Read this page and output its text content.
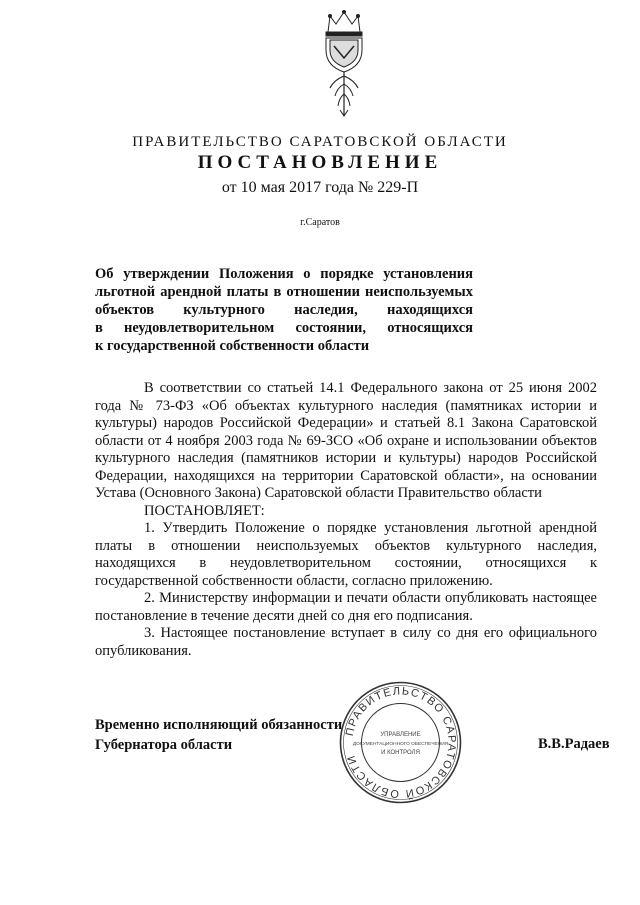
ПРАВИТЕЛЬСТВО САРАТОВСКОЙ ОБЛАСТИ
ПОСТАНОВЛЕНИЕ
от 10 мая 2017 года № 229-П
г.Саратов
Об утверждении Положения о порядке установления
льготной арендной платы в отношении неиспользуемых
объектов культурного наследия, находящихся
в неудовлетворительном состоянии, относящихся
к государственной собственности области

В соответствии со статьей 14.1 Федерального закона от 25 июня 2002 года № 73-ФЗ «Об объектах культурного наследия (памятниках истории и культуры) народов Российской Федерации» и статьей 8.1 Закона Саратовской области от 4 ноября 2003 года № 69-ЗСО «Об охране и использовании объектов культурного наследия (памятников истории и культуры) народов Российской Федерации, находящихся на территории Саратовской области», на основании Устава (Основного Закона) Саратовской области Правительство области
ПОСТАНОВЛЯЕТ:

1. Утвердить Положение о порядке установления льготной арендной платы в отношении неиспользуемых объектов культурного наследия, находящихся в неудовлетворительном состоянии, относящихся к государственной собственности области, согласно приложению.

2. Министерству информации и печати области опубликовать настоящее постановление в течение десяти дней со дня его подписания.

3. Настоящее постановление вступает в силу со дня его официального опубликования.

Временно исполняющий обязанности
Губернатора области	В.В.Радаев
ПРАВИТЕЛЬСТВО САРАТОВСКОЙ ОБЛАСТИ
УПРАВЛЕНИЕ
ДОКУМЕНТАЦИОННОГО ОБЕСПЕЧЕНИЯ
И КОНТРОЛЯ
